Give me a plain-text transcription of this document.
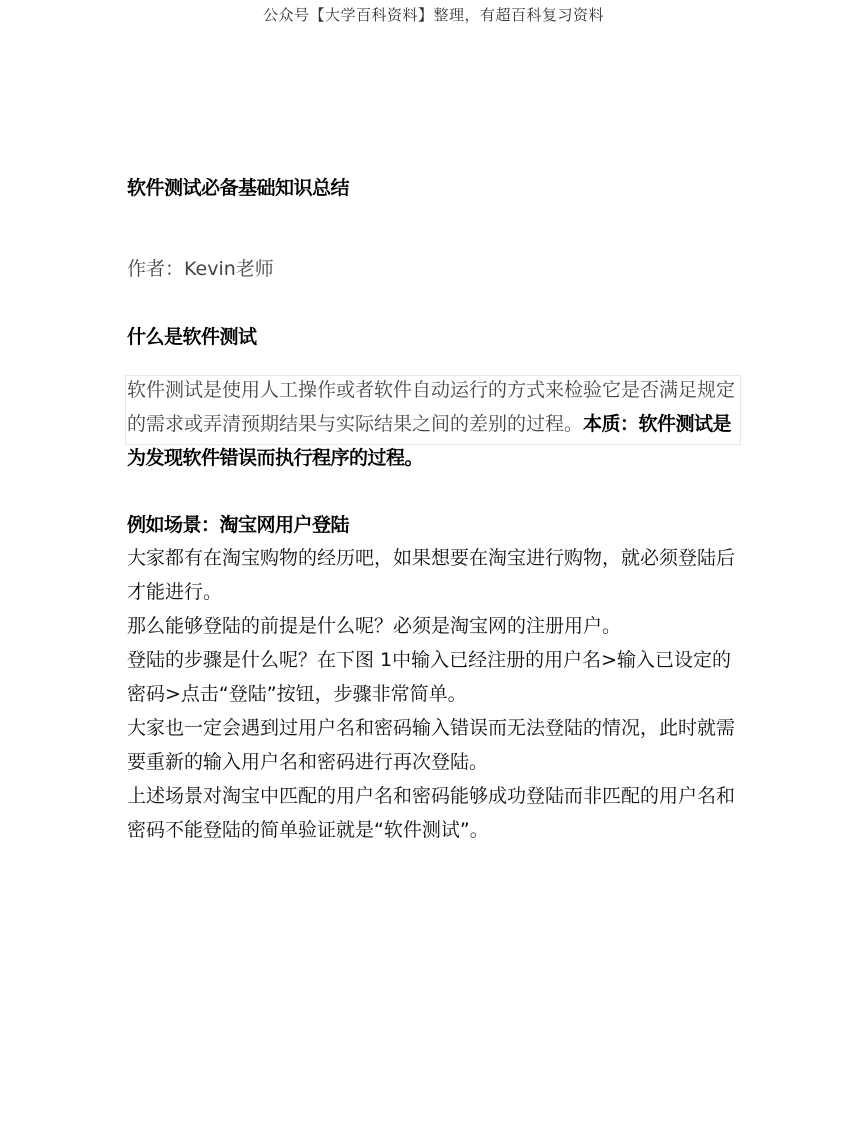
公众号【大学百科资料】整理，有超百科复习资料
软件测试必备基础知识总结
作者：Kevin老师
什么是软件测试
软件测试是使用人工操作或者软件自动运行的方式来检验它是否满足规定的需求或弄清预期结果与实际结果之间的差别的过程。本质：软件测试是为发现软件错误而执行程序的过程。
例如场景：淘宝网用户登陆

大家都有在淘宝购物的经历吧，如果想要在淘宝进行购物，就必须登陆后才能进行。

那么能够登陆的前提是什么呢？必须是淘宝网的注册用户。

登陆的步骤是什么呢？在下图 1中输入已经注册的用户名>输入已设定的密码>点击“登陆”按钮，步骤非常简单。

大家也一定会遇到过用户名和密码输入错误而无法登陆的情况，此时就需要重新的输入用户名和密码进行再次登陆。

上述场景对淘宝中匹配的用户名和密码能够成功登陆而非匹配的用户名和密码不能登陆的简单验证就是“软件测试”。
